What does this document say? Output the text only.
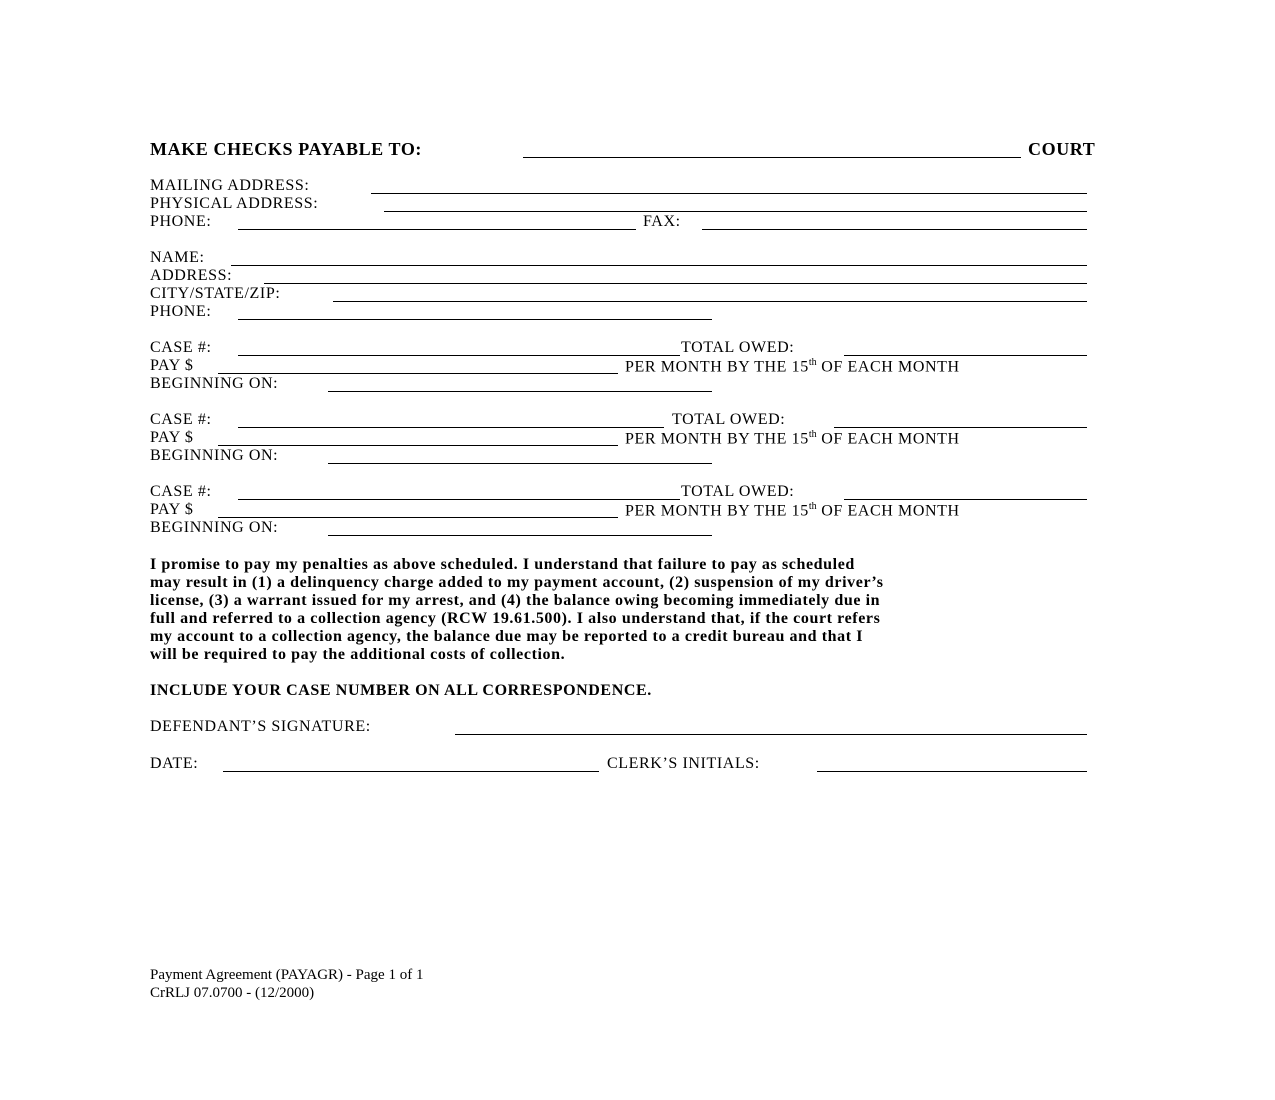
MAKE CHECKS PAYABLE TO:	COURT
MAILING ADDRESS:
PHYSICAL ADDRESS:
PHONE:	FAX:
NAME:
ADDRESS:
CITY/STATE/ZIP:
PHONE:
CASE #:	TOTAL OWED:
PAY $	PER MONTH BY THE 15th OF EACH MONTH
BEGINNING ON:
CASE #:	TOTAL OWED:
PAY $	PER MONTH BY THE 15th OF EACH MONTH
BEGINNING ON:
CASE #:	TOTAL OWED:
PAY $	PER MONTH BY THE 15th OF EACH MONTH
BEGINNING ON:
I promise to pay my penalties as above scheduled. I understand that failure to pay as scheduled
may result in (1) a delinquency charge added to my payment account, (2) suspension of my driver’s
license, (3) a warrant issued for my arrest, and (4) the balance owing becoming immediately due in
full and referred to a collection agency (RCW 19.61.500). I also understand that, if the court refers
my account to a collection agency, the balance due may be reported to a credit bureau and that I
will be required to pay the additional costs of collection.
INCLUDE YOUR CASE NUMBER ON ALL CORRESPONDENCE.
DEFENDANT’S SIGNATURE:
DATE:	CLERK’S INITIALS:
Payment Agreement (PAYAGR) - Page 1 of 1
CrRLJ 07.0700 - (12/2000)
